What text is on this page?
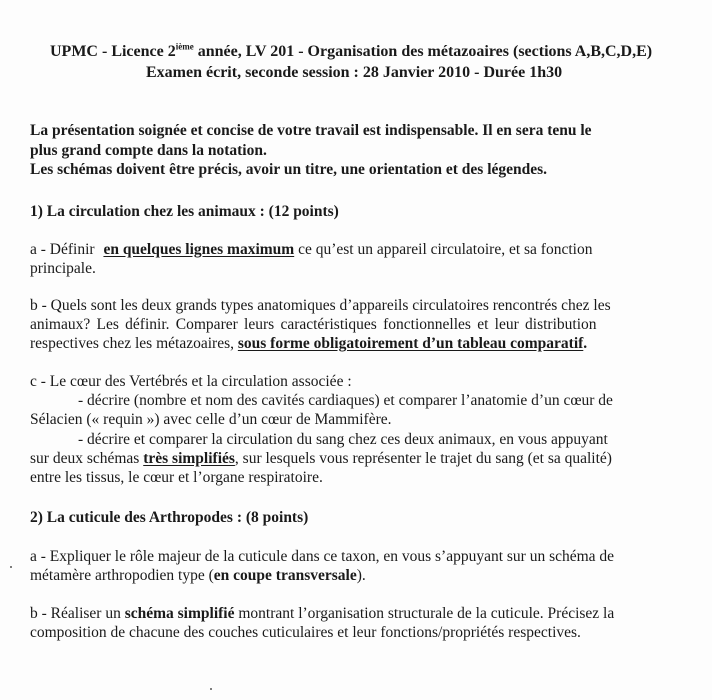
UPMC - Licence 2ième année, LV 201 - Organisation des métazoaires (sections A,B,C,D,E)
Examen écrit, seconde session : 28 Janvier 2010 - Durée 1h30
La présentation soignée et concise de votre travail est indispensable. Il en sera tenu le
plus grand compte dans la notation.
Les schémas doivent être précis, avoir un titre, une orientation et des légendes.
1) La circulation chez les animaux : (12 points)
a - Définir en quelques lignes maximum ce qu’est un appareil circulatoire, et sa fonction
principale.
b - Quels sont les deux grands types anatomiques d’appareils circulatoires rencontrés chez les
animaux? Les définir. Comparer leurs caractéristiques fonctionnelles et leur distribution
respectives chez les métazoaires, sous forme obligatoirement d’un tableau comparatif.
c - Le cœur des Vertébrés et la circulation associée :
- décrire (nombre et nom des cavités cardiaques) et comparer l’anatomie d’un cœur de
Sélacien (« requin ») avec celle d’un cœur de Mammifère.
- décrire et comparer la circulation du sang chez ces deux animaux, en vous appuyant
sur deux schémas très simplifiés, sur lesquels vous représenter le trajet du sang (et sa qualité)
entre les tissus, le cœur et l’organe respiratoire.
2) La cuticule des Arthropodes : (8 points)
a - Expliquer le rôle majeur de la cuticule dans ce taxon, en vous s’appuyant sur un schéma de
métamère arthropodien type (en coupe transversale).
b - Réaliser un schéma simplifié montrant l’organisation structurale de la cuticule. Précisez la
composition de chacune des couches cuticulaires et leur fonctions/propriétés respectives.
